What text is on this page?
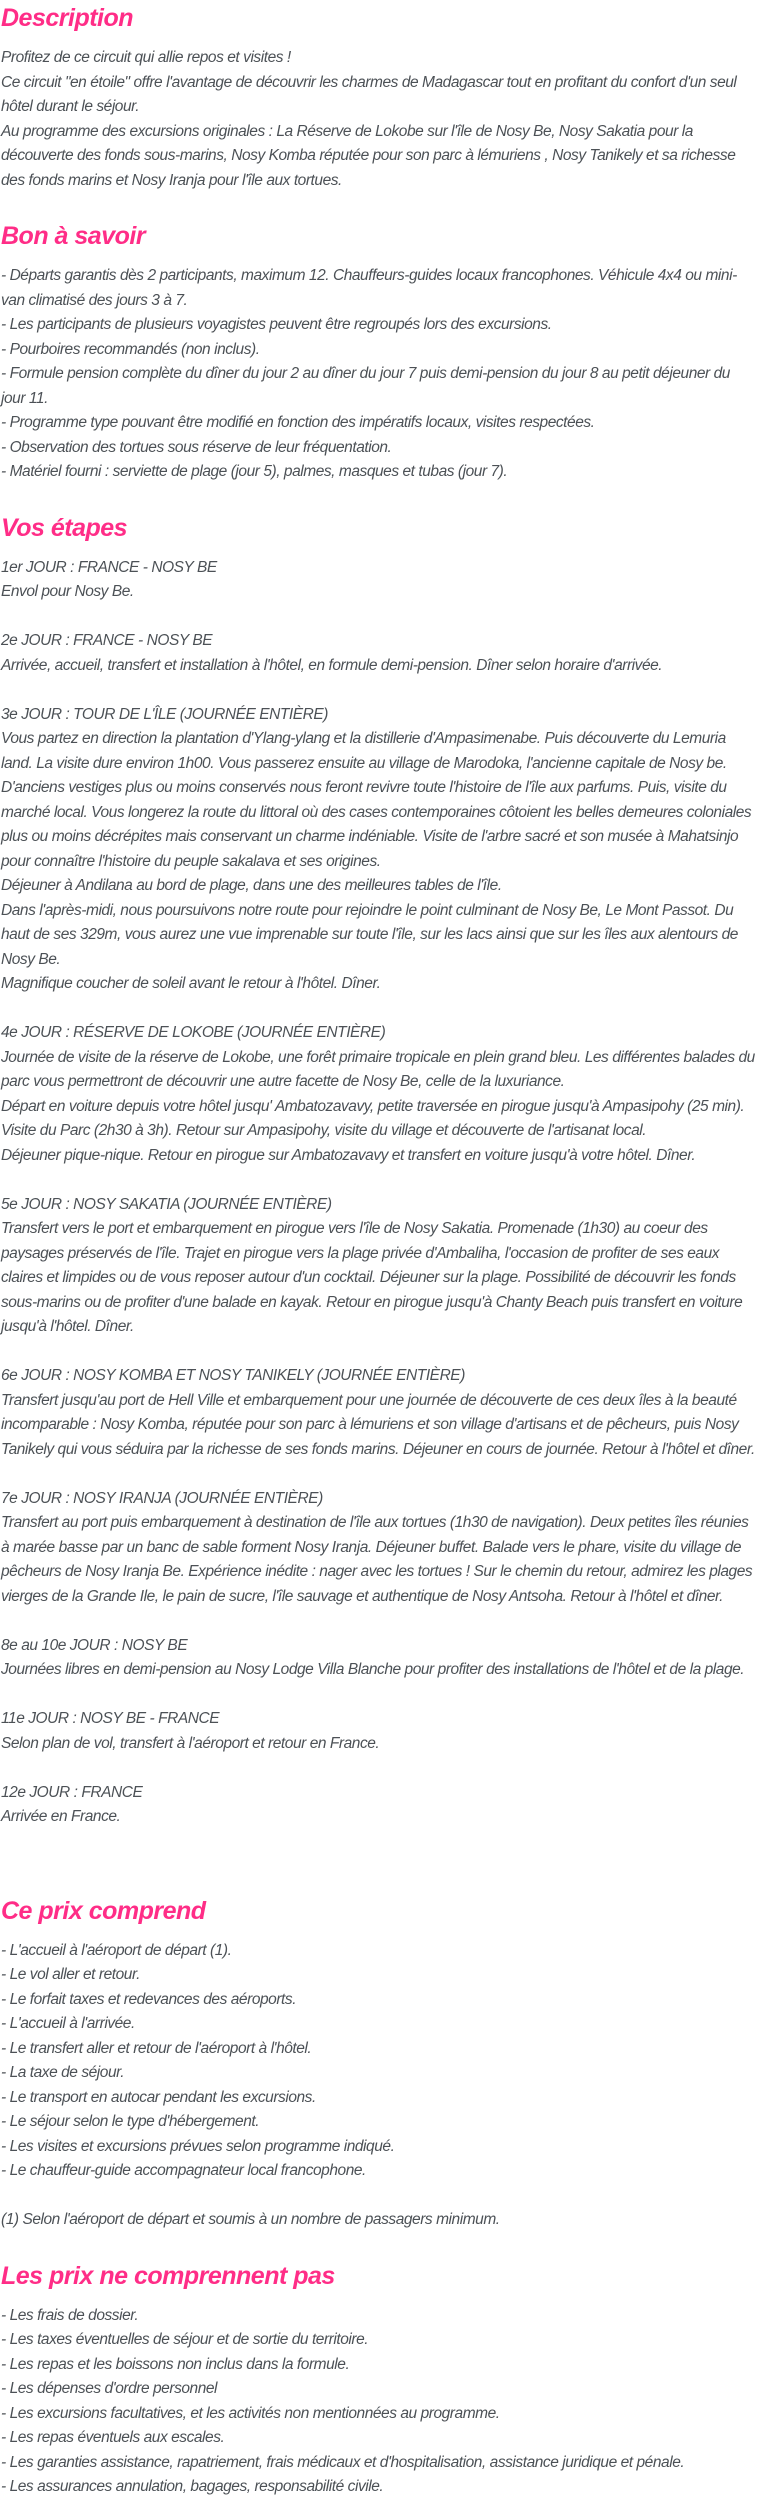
Description

Profitez de ce circuit qui allie repos et visites !

Ce circuit "en étoile" offre l'avantage de découvrir les charmes de Madagascar tout en profitant du confort d'un seul hôtel durant le séjour.

Au programme des excursions originales : La Réserve de Lokobe sur l'île de Nosy Be, Nosy Sakatia pour la découverte des fonds sous-marins, Nosy Komba réputée pour son parc à lémuriens , Nosy Tanikely et sa richesse des fonds marins et Nosy Iranja pour l'île aux tortues.

Bon à savoir

- Départs garantis dès 2 participants, maximum 12. Chauffeurs-guides locaux francophones. Véhicule 4x4 ou mini-van climatisé des jours 3 à 7.

- Les participants de plusieurs voyagistes peuvent être regroupés lors des excursions.

- Pourboires recommandés (non inclus).

- Formule pension complète du dîner du jour 2 au dîner du jour 7 puis demi-pension du jour 8 au petit déjeuner du jour 11.

- Programme type pouvant être modifié en fonction des impératifs locaux, visites respectées.

- Observation des tortues sous réserve de leur fréquentation.

- Matériel fourni : serviette de plage (jour 5), palmes, masques et tubas (jour 7).

Vos étapes

1er JOUR : FRANCE - NOSY BE

Envol pour Nosy Be.

2e JOUR : FRANCE - NOSY BE

Arrivée, accueil, transfert et installation à l'hôtel, en formule demi-pension. Dîner selon horaire d'arrivée.

3e JOUR : TOUR DE L'ÎLE (JOURNÉE ENTIÈRE)

Vous partez en direction la plantation d'Ylang-ylang et la distillerie d'Ampasimenabe. Puis découverte du Lemuria land. La visite dure environ 1h00. Vous passerez ensuite au village de Marodoka, l'ancienne capitale de Nosy be. D'anciens vestiges plus ou moins conservés nous feront revivre toute l'histoire de l'île aux parfums. Puis, visite du marché local. Vous longerez la route du littoral où des cases contemporaines côtoient les belles demeures coloniales plus ou moins décrépites mais conservant un charme indéniable. Visite de l'arbre sacré et son musée à Mahatsinjo pour connaître l'histoire du peuple sakalava et ses origines.

Déjeuner à Andilana au bord de plage, dans une des meilleures tables de l'île.

Dans l'après-midi, nous poursuivons notre route pour rejoindre le point culminant de Nosy Be, Le Mont Passot. Du haut de ses 329m, vous aurez une vue imprenable sur toute l'île, sur les lacs ainsi que sur les îles aux alentours de Nosy Be.

Magnifique coucher de soleil avant le retour à l'hôtel. Dîner.

4e JOUR : RÉSERVE DE LOKOBE (JOURNÉE ENTIÈRE)

Journée de visite de la réserve de Lokobe, une forêt primaire tropicale en plein grand bleu. Les différentes balades du parc vous permettront de découvrir une autre facette de Nosy Be, celle de la luxuriance.

Départ en voiture depuis votre hôtel jusqu' Ambatozavavy, petite traversée en pirogue jusqu'à Ampasipohy (25 min). Visite du Parc (2h30 à 3h). Retour sur Ampasipohy, visite du village et découverte de l'artisanat local.

Déjeuner pique-nique. Retour en pirogue sur Ambatozavavy et transfert en voiture jusqu'à votre hôtel. Dîner.

5e JOUR : NOSY SAKATIA (JOURNÉE ENTIÈRE)

Transfert vers le port et embarquement en pirogue vers l'île de Nosy Sakatia. Promenade (1h30) au coeur des paysages préservés de l'île. Trajet en pirogue vers la plage privée d'Ambaliha, l'occasion de profiter de ses eaux claires et limpides ou de vous reposer autour d'un cocktail. Déjeuner sur la plage. Possibilité de découvrir les fonds sous-marins ou de profiter d'une balade en kayak. Retour en pirogue jusqu'à Chanty Beach puis transfert en voiture jusqu'à l'hôtel. Dîner.

6e JOUR : NOSY KOMBA ET NOSY TANIKELY (JOURNÉE ENTIÈRE)

Transfert jusqu'au port de Hell Ville et embarquement pour une journée de découverte de ces deux îles à la beauté incomparable : Nosy Komba, réputée pour son parc à lémuriens et son village d'artisans et de pêcheurs, puis Nosy Tanikely qui vous séduira par la richesse de ses fonds marins. Déjeuner en cours de journée. Retour à l'hôtel et dîner.

7e JOUR : NOSY IRANJA (JOURNÉE ENTIÈRE)

Transfert au port puis embarquement à destination de l'île aux tortues (1h30 de navigation). Deux petites îles réunies à marée basse par un banc de sable forment Nosy Iranja. Déjeuner buffet. Balade vers le phare, visite du village de pêcheurs de Nosy Iranja Be. Expérience inédite : nager avec les tortues ! Sur le chemin du retour, admirez les plages vierges de la Grande Ile, le pain de sucre, l'île sauvage et authentique de Nosy Antsoha. Retour à l'hôtel et dîner.

8e au 10e JOUR : NOSY BE

Journées libres en demi-pension au Nosy Lodge Villa Blanche pour profiter des installations de l'hôtel et de la plage.

11e JOUR : NOSY BE - FRANCE

Selon plan de vol, transfert à l'aéroport et retour en France.

12e JOUR : FRANCE

Arrivée en France.

Ce prix comprend

- L'accueil à l'aéroport de départ (1).

- Le vol aller et retour.

- Le forfait taxes et redevances des aéroports.

- L'accueil à l'arrivée.

- Le transfert aller et retour de l'aéroport à l'hôtel.

- La taxe de séjour.

- Le transport en autocar pendant les excursions.

- Le séjour selon le type d'hébergement.

- Les visites et excursions prévues selon programme indiqué.

- Le chauffeur-guide accompagnateur local francophone.

(1) Selon l'aéroport de départ et soumis à un nombre de passagers minimum.

Les prix ne comprennent pas

- Les frais de dossier.

- Les taxes éventuelles de séjour et de sortie du territoire.

- Les repas et les boissons non inclus dans la formule.

- Les dépenses d'ordre personnel

- Les excursions facultatives, et les activités non mentionnées au programme.

- Les repas éventuels aux escales.

- Les garanties assistance, rapatriement, frais médicaux et d'hospitalisation, assistance juridique et pénale.

- Les assurances annulation, bagages, responsabilité civile.
